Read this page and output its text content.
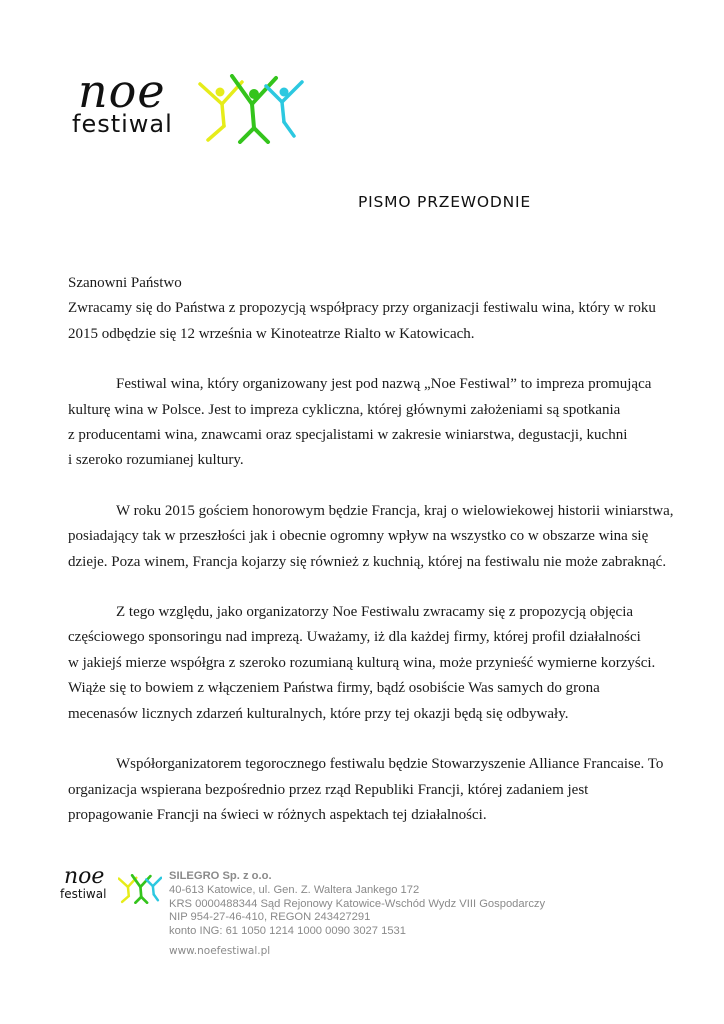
noe
festiwal
PISMO PRZEWODNIE

Szanowni Państwo

Zwracamy się do Państwa z propozycją współpracy przy organizacji festiwalu wina, który w roku
2015 odbędzie się 12 września w Kinoteatrze Rialto w Katowicach.

Festiwal wina, który organizowany jest pod nazwą „Noe Festiwal” to impreza promująca
kulturę wina w Polsce. Jest to impreza cykliczna, której głównymi założeniami są spotkania
z producentami wina, znawcami oraz specjalistami w zakresie winiarstwa, degustacji, kuchni
i szeroko rozumianej kultury.

W roku 2015 gościem honorowym będzie Francja, kraj o wielowiekowej historii winiarstwa,
posiadający tak w przeszłości jak i obecnie ogromny wpływ na wszystko co w obszarze wina się
dzieje. Poza winem, Francja kojarzy się również z kuchnią, której na festiwalu nie może zabraknąć.

Z tego względu, jako organizatorzy Noe Festiwalu zwracamy się z propozycją objęcia
częściowego sponsoringu nad imprezą. Uważamy, iż dla każdej firmy, której profil działalności
w jakiejś mierze współgra z szeroko rozumianą kulturą wina, może przynieść wymierne korzyści.
Wiąże się to bowiem z włączeniem Państwa firmy, bądź osobiście Was samych do grona
mecenasów licznych zdarzeń kulturalnych, które przy tej okazji będą się odbywały.

Współorganizatorem tegorocznego festiwalu będzie Stowarzyszenie Alliance Francaise. To
organizacja wspierana bezpośrednio przez rząd Republiki Francji, której zadaniem jest
propagowanie Francji na świeci w różnych aspektach tej działalności.

noe
festiwal
SILEGRO Sp. z o.o.
40-613 Katowice, ul. Gen. Z. Waltera Jankego 172
KRS 0000488344 Sąd Rejonowy Katowice-Wschód Wydz VIII Gospodarczy
NIP 954-27-46-410, REGON 243427291
konto ING: 61 1050 1214 1000 0090 3027 1531
www.noefestiwal.pl
